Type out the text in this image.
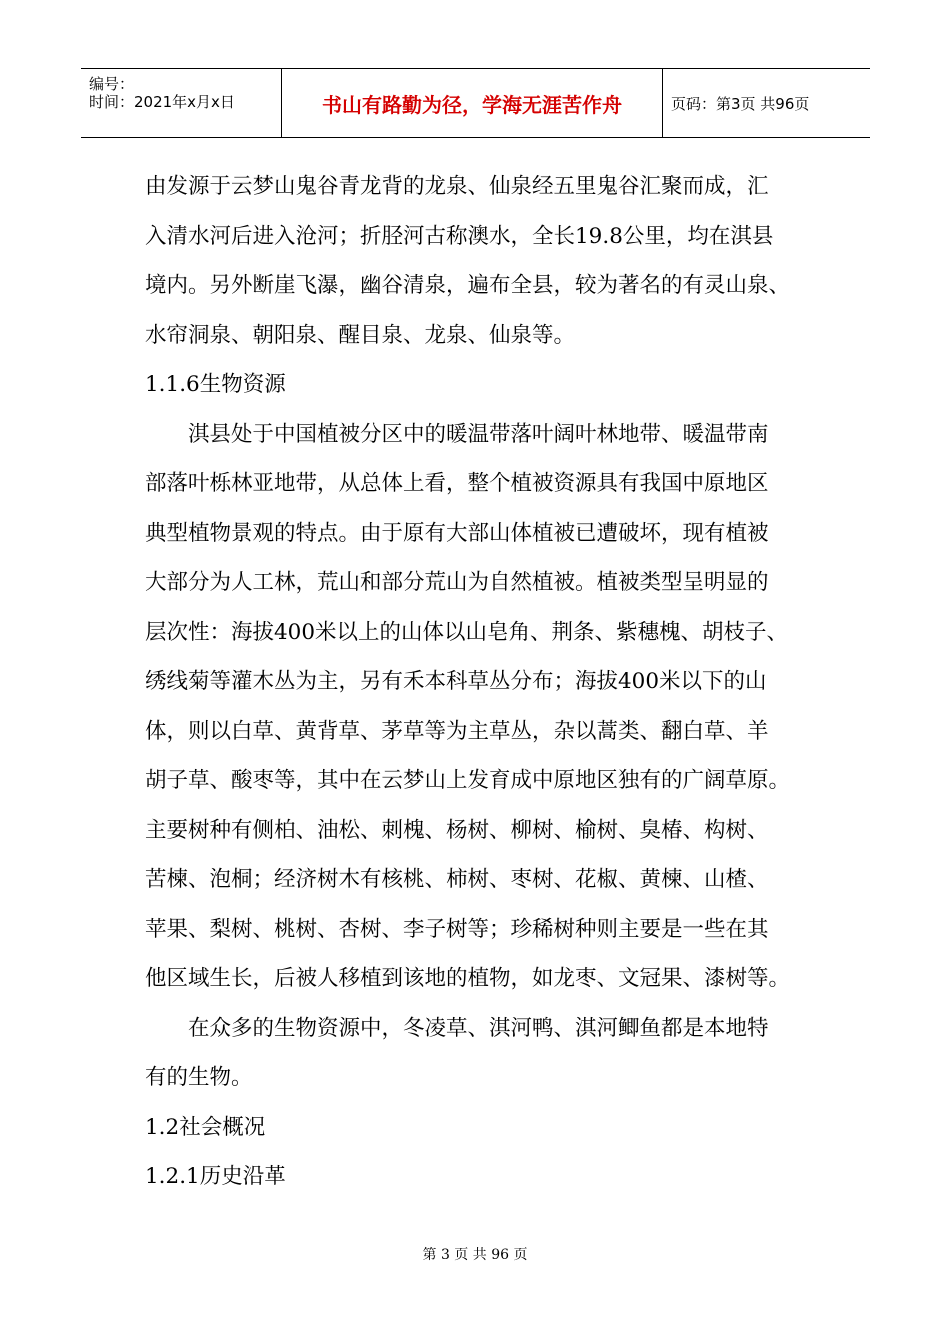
编号：
时间：2021年x月x日	书山有路勤为径，学海无涯苦作舟	页码：第3页 共96页
由发源于云梦山鬼谷青龙背的龙泉、仙泉经五里鬼谷汇聚而成，汇
入清水河后进入沧河；折胫河古称澳水，全长19.8公里，均在淇县
境内。另外断崖飞瀑，幽谷清泉，遍布全县，较为著名的有灵山泉、
水帘洞泉、朝阳泉、醒目泉、龙泉、仙泉等。
1.1.6生物资源
淇县处于中国植被分区中的暖温带落叶阔叶林地带、暖温带南
部落叶栎林亚地带，从总体上看，整个植被资源具有我国中原地区
典型植物景观的特点。由于原有大部山体植被已遭破坏，现有植被
大部分为人工林，荒山和部分荒山为自然植被。植被类型呈明显的
层次性：海拔400米以上的山体以山皂角、荆条、紫穗槐、胡枝子、
绣线菊等灌木丛为主，另有禾本科草丛分布；海拔400米以下的山
体，则以白草、黄背草、茅草等为主草丛，杂以蒿类、翻白草、羊
胡子草、酸枣等，其中在云梦山上发育成中原地区独有的广阔草原。
主要树种有侧柏、油松、刺槐、杨树、柳树、榆树、臭椿、构树、
苦楝、泡桐；经济树木有核桃、柿树、枣树、花椒、黄楝、山楂、
苹果、梨树、桃树、杏树、李子树等；珍稀树种则主要是一些在其
他区域生长，后被人移植到该地的植物，如龙枣、文冠果、漆树等。
在众多的生物资源中，冬凌草、淇河鸭、淇河鲫鱼都是本地特
有的生物。
1.2社会概况
1.2.1历史沿革
第 3 页 共 96 页
